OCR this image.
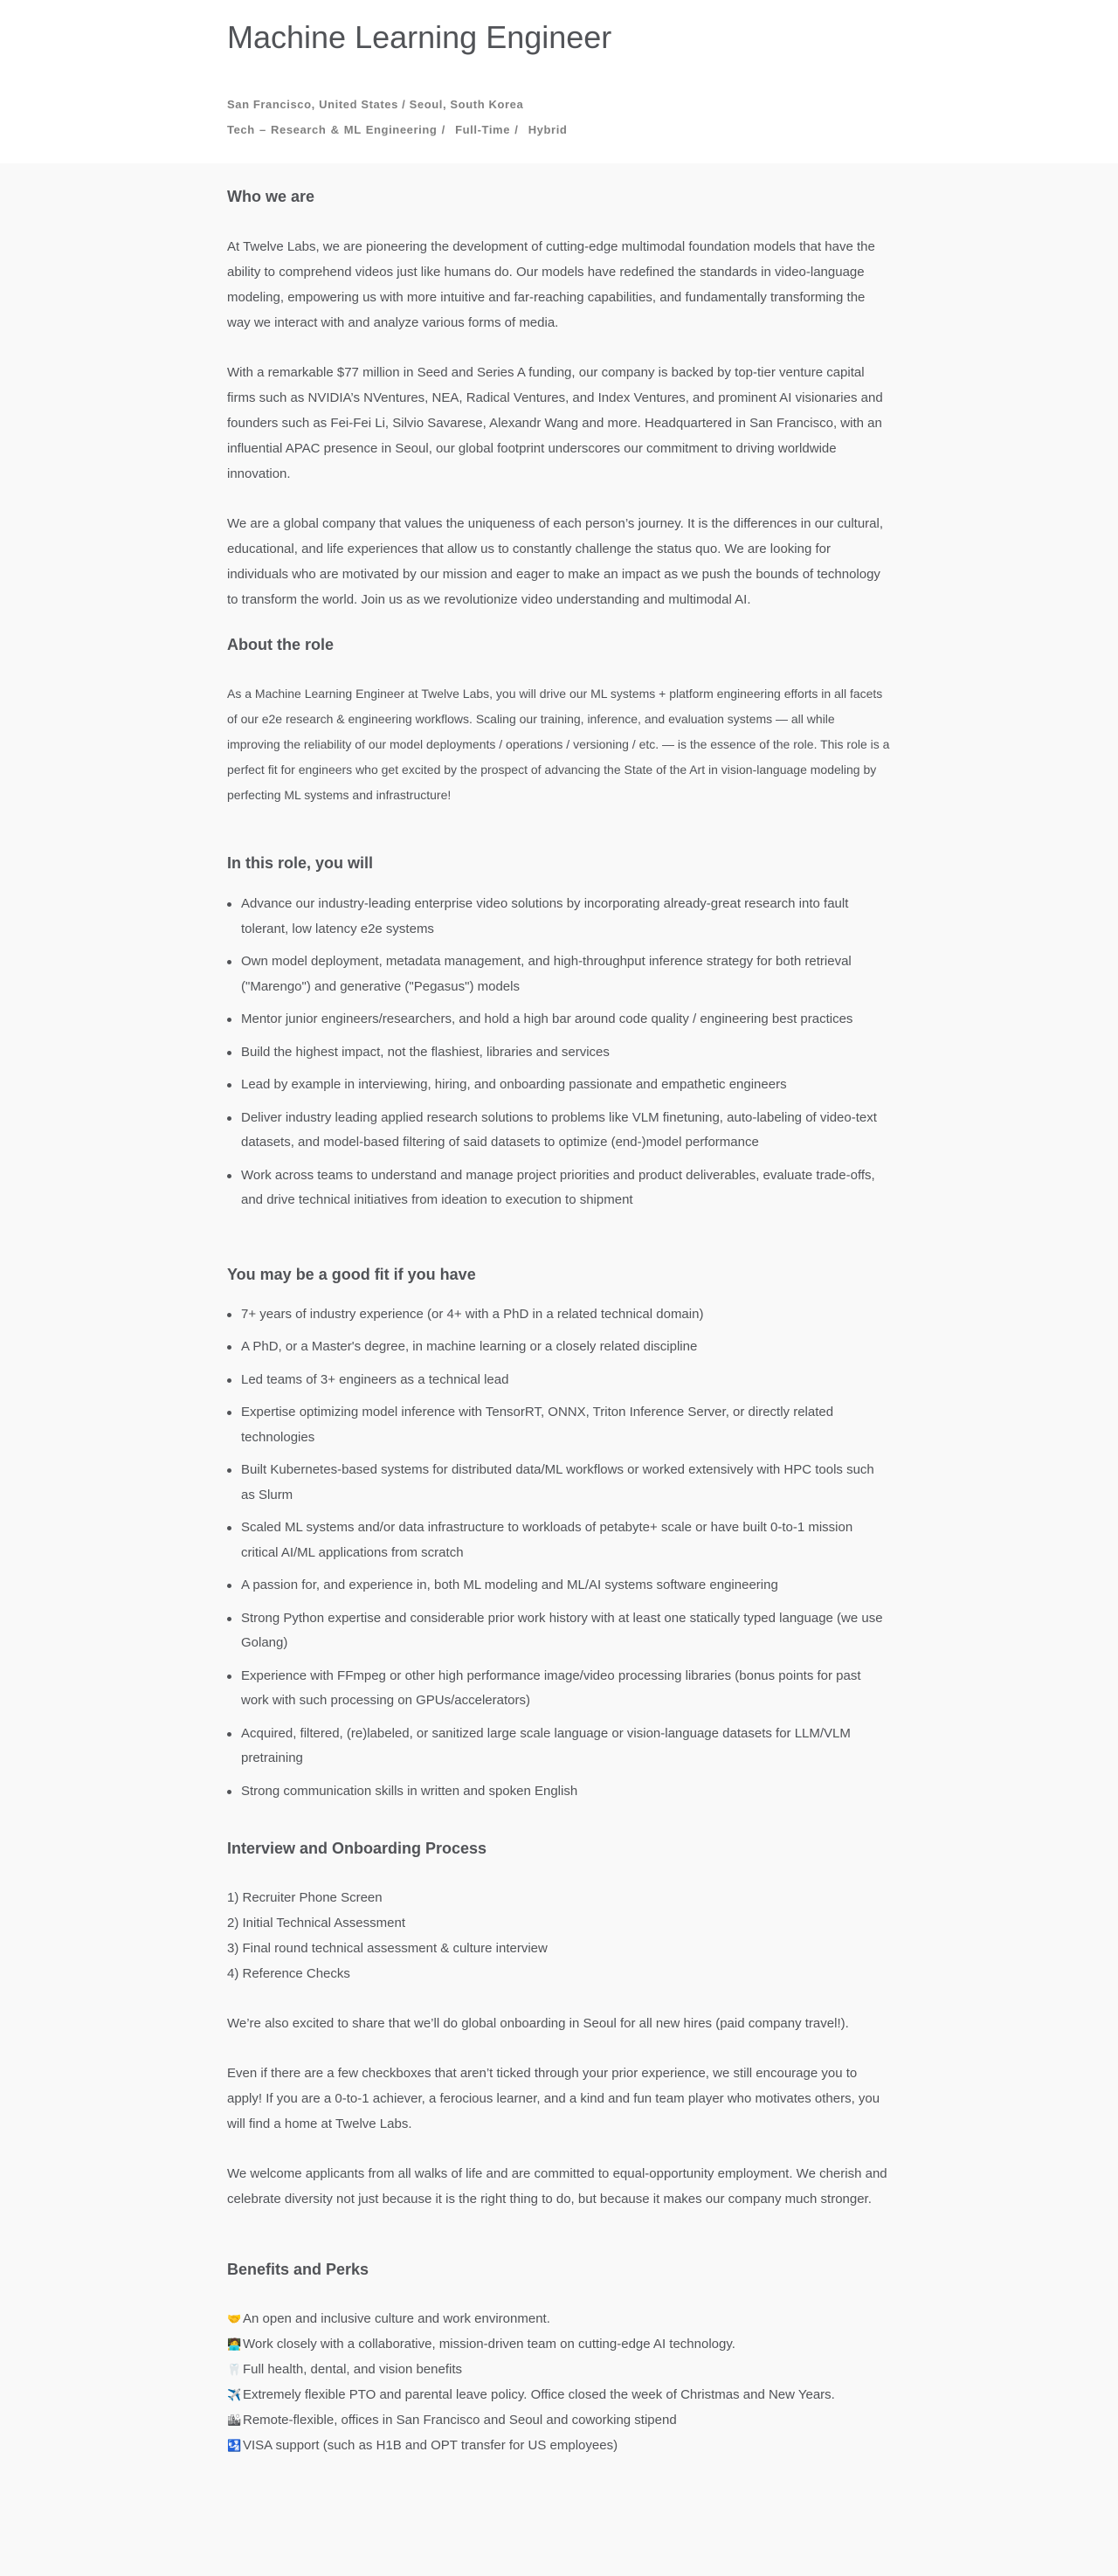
Machine Learning Engineer
San Francisco, United States / Seoul, South Korea
Tech – Research & ML Engineering / Full-Time / Hybrid
Who we are

At Twelve Labs, we are pioneering the development of cutting-edge multimodal foundation models that have the ability to comprehend videos just like humans do. Our models have redefined the standards in video-language modeling, empowering us with more intuitive and far-reaching capabilities, and fundamentally transforming the way we interact with and analyze various forms of media.

With a remarkable $77 million in Seed and Series A funding, our company is backed by top-tier venture capital firms such as NVIDIA’s NVentures, NEA, Radical Ventures, and Index Ventures, and prominent AI visionaries and founders such as Fei-Fei Li, Silvio Savarese, Alexandr Wang and more. Headquartered in San Francisco, with an influential APAC presence in Seoul, our global footprint underscores our commitment to driving worldwide innovation.

We are a global company that values the uniqueness of each person’s journey. It is the differences in our cultural, educational, and life experiences that allow us to constantly challenge the status quo. We are looking for individuals who are motivated by our mission and eager to make an impact as we push the bounds of technology to transform the world. Join us as we revolutionize video understanding and multimodal AI.

About the role

As a Machine Learning Engineer at Twelve Labs, you will drive our ML systems + platform engineering efforts in all facets of our e2e research & engineering workflows. Scaling our training, inference, and evaluation systems — all while improving the reliability of our model deployments / operations / versioning / etc. — is the essence of the role. This role is a perfect fit for engineers who get excited by the prospect of advancing the State of the Art in vision-language modeling by perfecting ML systems and infrastructure!

In this role, you will
Advance our industry-leading enterprise video solutions by incorporating already-great research into fault tolerant, low latency e2e systems
Own model deployment, metadata management, and high-throughput inference strategy for both retrieval ("Marengo") and generative ("Pegasus") models
Mentor junior engineers/researchers, and hold a high bar around code quality / engineering best practices
Build the highest impact, not the flashiest, libraries and services
Lead by example in interviewing, hiring, and onboarding passionate and empathetic engineers
Deliver industry leading applied research solutions to problems like VLM finetuning, auto-labeling of video-text datasets, and model-based filtering of said datasets to optimize (end-)model performance
Work across teams to understand and manage project priorities and product deliverables, evaluate trade-offs, and drive technical initiatives from ideation to execution to shipment
You may be a good fit if you have
7+ years of industry experience (or 4+ with a PhD in a related technical domain)
A PhD, or a Master's degree, in machine learning or a closely related discipline
Led teams of 3+ engineers as a technical lead
Expertise optimizing model inference with TensorRT, ONNX, Triton Inference Server, or directly related technologies
Built Kubernetes-based systems for distributed data/ML workflows or worked extensively with HPC tools such as Slurm
Scaled ML systems and/or data infrastructure to workloads of petabyte+ scale or have built 0-to-1 mission critical AI/ML applications from scratch
A passion for, and experience in, both ML modeling and ML/AI systems software engineering
Strong Python expertise and considerable prior work history with at least one statically typed language (we use Golang)
Experience with FFmpeg or other high performance image/video processing libraries (bonus points for past work with such processing on GPUs/accelerators)
Acquired, filtered, (re)labeled, or sanitized large scale language or vision-language datasets for LLM/VLM pretraining
Strong communication skills in written and spoken English
Interview and Onboarding Process
1) Recruiter Phone Screen
2) Initial Technical Assessment
3) Final round technical assessment & culture interview
4) Reference Checks

We’re also excited to share that we’ll do global onboarding in Seoul for all new hires (paid company travel!).

Even if there are a few checkboxes that aren’t ticked through your prior experience, we still encourage you to apply! If you are a 0-to-1 achiever, a ferocious learner, and a kind and fun team player who motivates others, you will find a home at Twelve Labs.

We welcome applicants from all walks of life and are committed to equal-opportunity employment. We cherish and celebrate diversity not just because it is the right thing to do, but because it makes our company much stronger.

Benefits and Perks
🤝 An open and inclusive culture and work environment.
🧑‍💻 Work closely with a collaborative, mission-driven team on cutting-edge AI technology.
🦷 Full health, dental, and vision benefits
✈️ Extremely flexible PTO and parental leave policy. Office closed the week of Christmas and New Years.
🏙Remote-flexible, offices in San Francisco and Seoul and coworking stipend
🛂 VISA support (such as H1B and OPT transfer for US employees)
